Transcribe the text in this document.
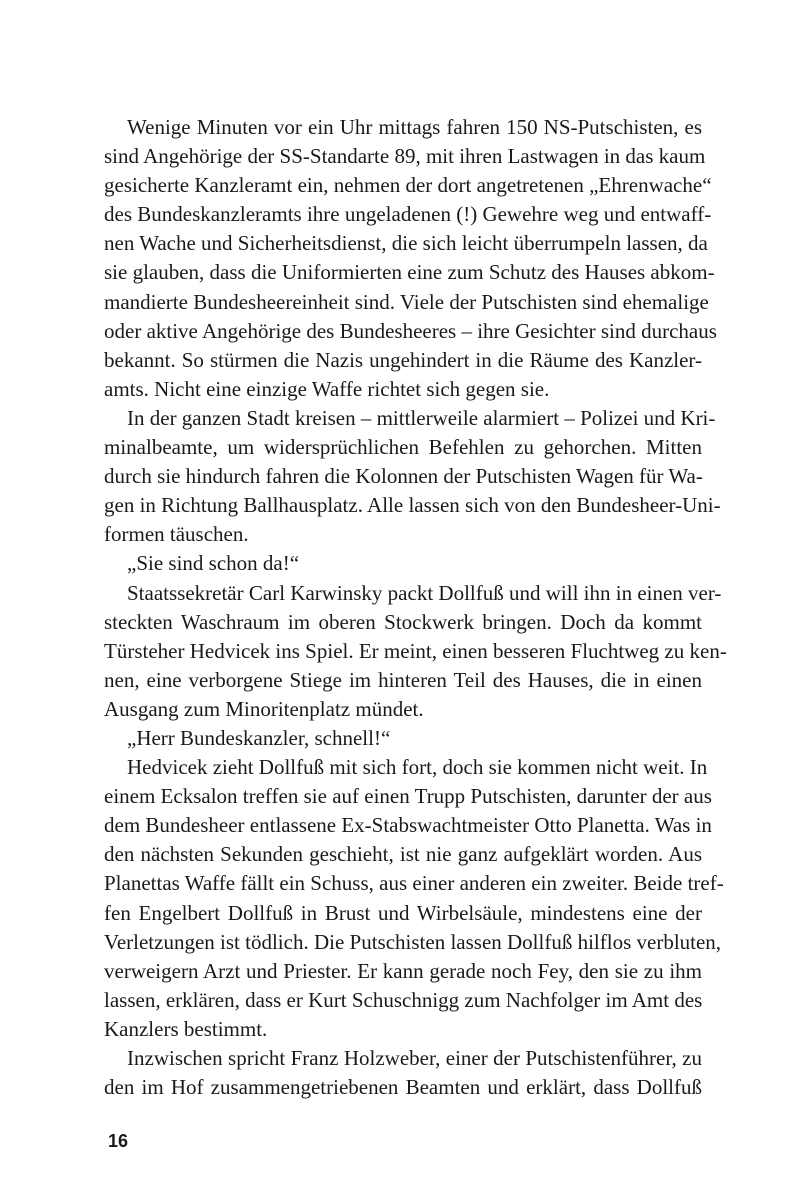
Wenige Minuten vor ein Uhr mittags fahren 150 NS-Putschisten, es
sind Angehörige der SS-Standarte 89, mit ihren Lastwagen in das kaum
gesicherte Kanzleramt ein, nehmen der dort angetretenen „Ehrenwache“
des Bundeskanzleramts ihre ungeladenen (!) Gewehre weg und entwaff-
nen Wache und Sicherheitsdienst, die sich leicht überrumpeln lassen, da
sie glauben, dass die Uniformierten eine zum Schutz des Hauses abkom-
mandierte Bundesheereinheit sind. Viele der Putschisten sind ehemalige
oder aktive Angehörige des Bundesheeres – ihre Gesichter sind durchaus
bekannt. So stürmen die Nazis ungehindert in die Räume des Kanzler-
amts. Nicht eine einzige Waffe richtet sich gegen sie.
In der ganzen Stadt kreisen – mittlerweile alarmiert – Polizei und Kri-
minalbeamte, um widersprüchlichen Befehlen zu gehorchen. Mitten
durch sie hindurch fahren die Kolonnen der Putschisten Wagen für Wa-
gen in Richtung Ballhausplatz. Alle lassen sich von den Bundesheer-Uni-
formen täuschen.
„Sie sind schon da!“
Staatssekretär Carl Karwinsky packt Dollfuß und will ihn in einen ver-
steckten Waschraum im oberen Stockwerk bringen. Doch da kommt
Türsteher Hedvicek ins Spiel. Er meint, einen besseren Fluchtweg zu ken-
nen, eine verborgene Stiege im hinteren Teil des Hauses, die in einen
Ausgang zum Minoritenplatz mündet.
„Herr Bundeskanzler, schnell!“
Hedvicek zieht Dollfuß mit sich fort, doch sie kommen nicht weit. In
einem Ecksalon treffen sie auf einen Trupp Putschisten, darunter der aus
dem Bundesheer entlassene Ex-Stabswachtmeister Otto Planetta. Was in
den nächsten Sekunden geschieht, ist nie ganz aufgeklärt worden. Aus
Planettas Waffe fällt ein Schuss, aus einer anderen ein zweiter. Beide tref-
fen Engelbert Dollfuß in Brust und Wirbelsäule, mindestens eine der
Verletzungen ist tödlich. Die Putschisten lassen Dollfuß hilflos verbluten,
verweigern Arzt und Priester. Er kann gerade noch Fey, den sie zu ihm
lassen, erklären, dass er Kurt Schuschnigg zum Nachfolger im Amt des
Kanzlers bestimmt.
Inzwischen spricht Franz Holzweber, einer der Putschistenführer, zu
den im Hof zusammengetriebenen Beamten und erklärt, dass Dollfuß
16
